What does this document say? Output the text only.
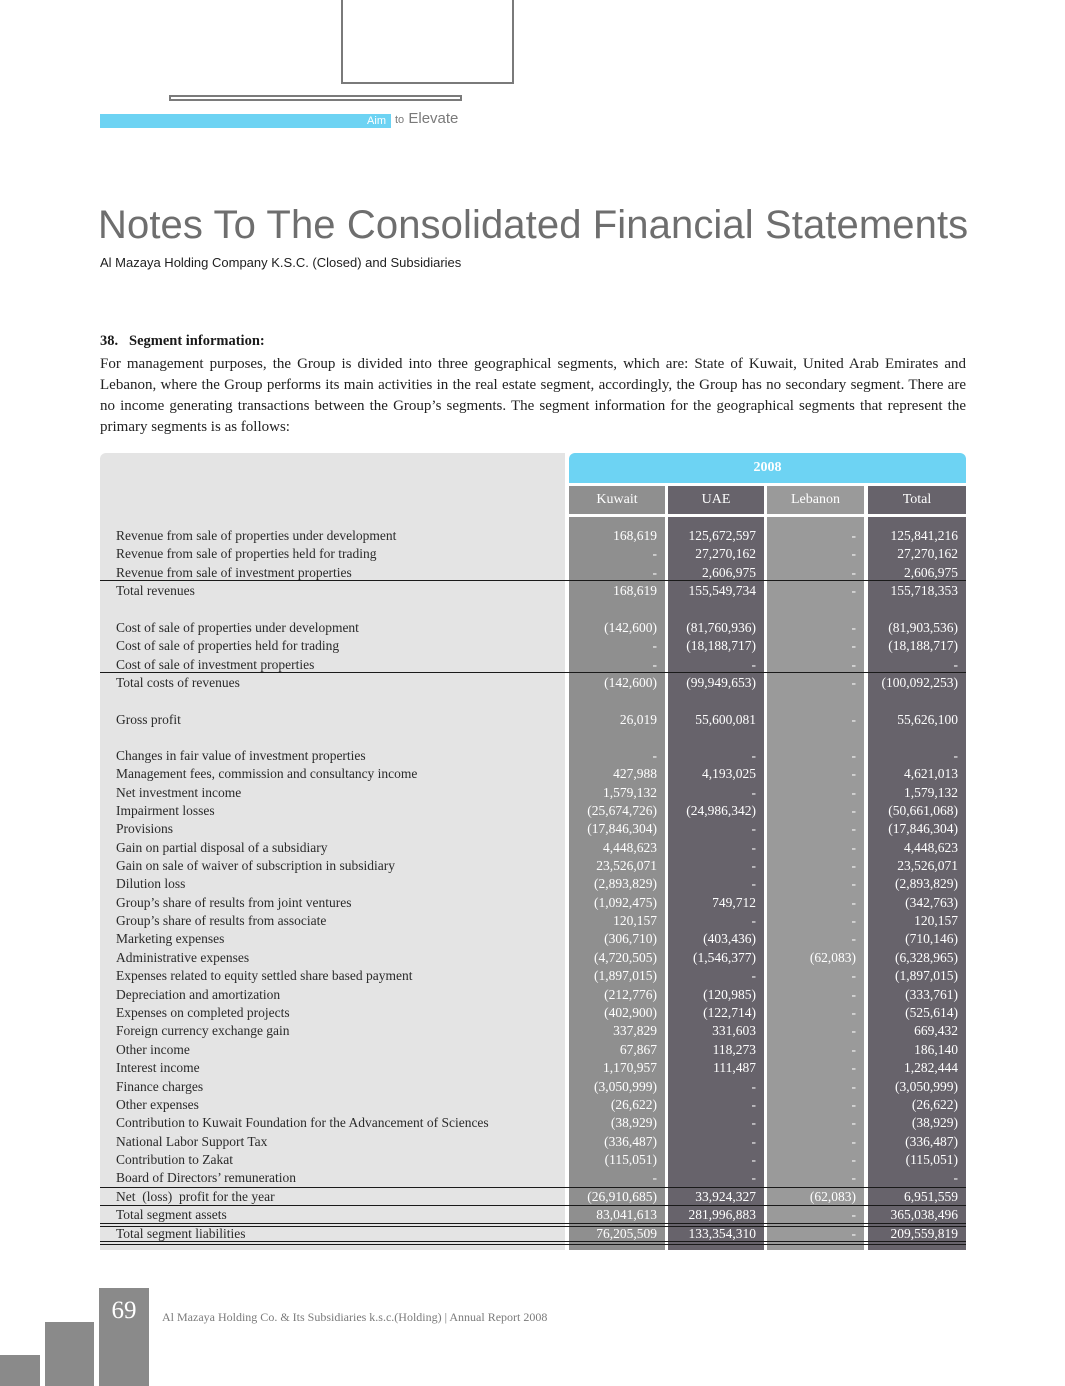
Aim to Elevate
Notes To The Consolidated Financial Statements
Al Mazaya Holding Company K.S.C. (Closed) and Subsidiaries
38.   Segment information:
For management purposes, the Group is divided into three geographical segments, which are: State of Kuwait, United Arab Emirates and Lebanon, where the Group performs its main activities in the real estate segment, accordingly, the Group has no secondary segment. There are no income generating transactions between the Group’s segments. The segment information for the geographical segments that represent the primary segments is as follows:
2008
Kuwait	UAE	Lebanon	Total
Revenue from sale of properties under development	168,619	125,672,597	-	125,841,216
Revenue from sale of properties held for trading	-	27,270,162	-	27,270,162
Revenue from sale of investment properties	-	2,606,975	-	2,606,975
Total revenues	168,619	155,549,734	-	155,718,353
Cost of sale of properties under development	(142,600)	(81,760,936)	-	(81,903,536)
Cost of sale of properties held for trading	-	(18,188,717)	-	(18,188,717)
Cost of sale of investment properties	-	-	-	-
Total costs of revenues	(142,600)	(99,949,653)	-	(100,092,253)
Gross profit	26,019	55,600,081	-	55,626,100
Changes in fair value of investment properties	-	-	-	-
Management fees, commission and consultancy income	427,988	4,193,025	-	4,621,013
Net investment income	1,579,132	-	-	1,579,132
Impairment losses	(25,674,726)	(24,986,342)	-	(50,661,068)
Provisions	(17,846,304)	-	-	(17,846,304)
Gain on partial disposal of a subsidiary	4,448,623	-	-	4,448,623
Gain on sale of waiver of subscription in subsidiary	23,526,071	-	-	23,526,071
Dilution loss	(2,893,829)	-	-	(2,893,829)
Group’s share of results from joint ventures	(1,092,475)	749,712	-	(342,763)
Group’s share of results from associate	120,157	-	-	120,157
Marketing expenses	(306,710)	(403,436)	-	(710,146)
Administrative expenses	(4,720,505)	(1,546,377)	(62,083)	(6,328,965)
Expenses related to equity settled share based payment	(1,897,015)	-	-	(1,897,015)
Depreciation and amortization	(212,776)	(120,985)	-	(333,761)
Expenses on completed projects	(402,900)	(122,714)	-	(525,614)
Foreign currency exchange gain	337,829	331,603	-	669,432
Other income	67,867	118,273	-	186,140
Interest income	1,170,957	111,487	-	1,282,444
Finance charges	(3,050,999)	-	-	(3,050,999)
Other expenses	(26,622)	-	-	(26,622)
Contribution to Kuwait Foundation for the Advancement of Sciences	(38,929)	-	-	(38,929)
National Labor Support Tax	(336,487)	-	-	(336,487)
Contribution to Zakat	(115,051)	-	-	(115,051)
Board of Directors’ remuneration	-	-	-	-
Net  (loss)  profit for the year	(26,910,685)	33,924,327	(62,083)	6,951,559
Total segment assets	83,041,613	281,996,883	-	365,038,496
Total segment liabilities	76,205,509	133,354,310	-	209,559,819
69	Al Mazaya Holding Co. & Its Subsidiaries k.s.c.(Holding) | Annual Report 2008
